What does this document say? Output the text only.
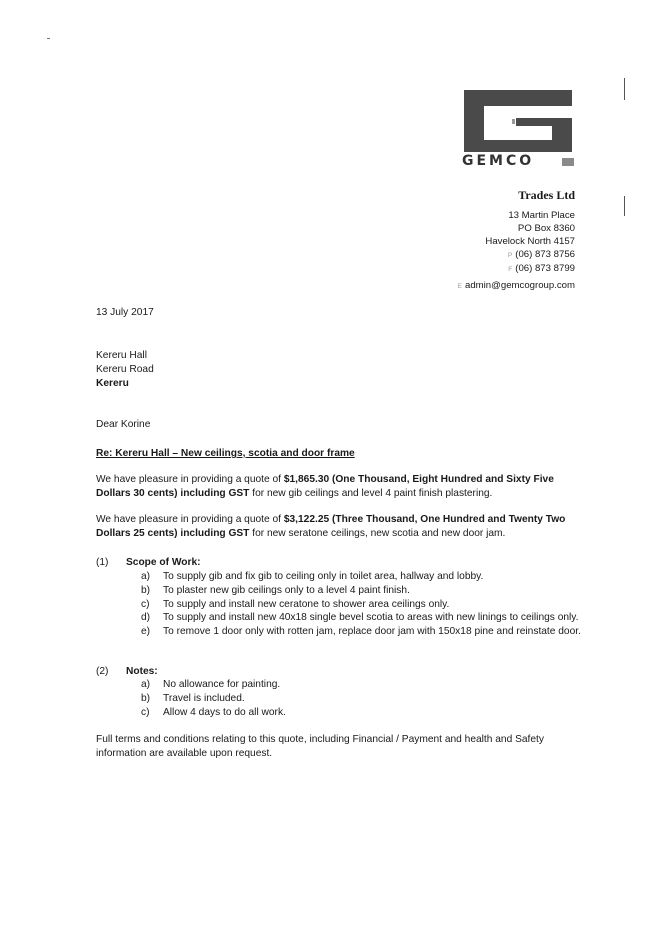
GEMCO
Trades Ltd
13 Martin Place
PO Box 8360
Havelock North 4157
P (06) 873 8756
F (06) 873 8799
E admin@gemcogroup.com
13 July 2017
Kereru Hall
Kereru Road
Kereru
Dear Korine
Re: Kereru Hall – New ceilings, scotia and door frame
We have pleasure in providing a quote of $1,865.30 (One Thousand, Eight Hundred and Sixty Five Dollars 30 cents) including GST for new gib ceilings and level 4 paint finish plastering.
We have pleasure in providing a quote of $3,122.25 (Three Thousand, One Hundred and Twenty Two Dollars 25 cents) including GST for new seratone ceilings, new scotia and new door jam.
(1) Scope of Work:
a)	To supply gib and fix gib to ceiling only in toilet area, hallway and lobby.
b)	To plaster new gib ceilings only to a level 4 paint finish.
c)	To supply and install new ceratone to shower area ceilings only.
d)	To supply and install new 40x18 single bevel scotia to areas with new linings to ceilings only.
e)	To remove 1 door only with rotten jam, replace door jam with 150x18 pine and reinstate door.
(2) Notes:
a)	No allowance for painting.
b)	Travel is included.
c)	Allow 4 days to do all work.
Full terms and conditions relating to this quote, including Financial / Payment and health and Safety information are available upon request.
